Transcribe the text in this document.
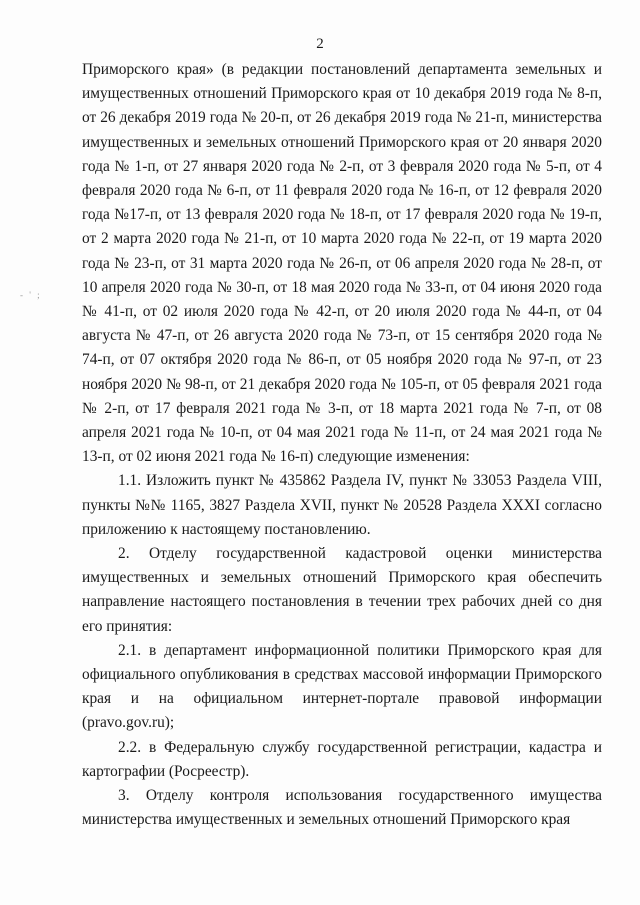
2
‐ ' ;

Приморского края» (в редакции постановлений департамента земельных и имущественных отношений Приморского края от 10 декабря 2019 года № 8-п, от 26 декабря 2019 года № 20-п, от 26 декабря 2019 года № 21-п, министерства имущественных и земельных отношений Приморского края от 20 января 2020 года № 1-п, от 27 января 2020 года № 2-п, от 3 февраля 2020 года № 5-п, от 4 февраля 2020 года № 6-п, от 11 февраля 2020 года № 16-п, от 12 февраля 2020 года №17-п, от 13 февраля 2020 года № 18-п, от 17 февраля 2020 года № 19-п, от 2 марта 2020 года № 21-п, от 10 марта 2020 года № 22-п, от 19 марта 2020 года № 23-п, от 31 марта 2020 года № 26-п, от 06 апреля 2020 года № 28-п, от 10 апреля 2020 года № 30-п, от 18 мая 2020 года № 33-п, от 04 июня 2020 года № 41-п, от 02 июля 2020 года № 42-п, от 20 июля 2020 года № 44-п, от 04 августа № 47-п, от 26 августа 2020 года № 73-п, от 15 сентября 2020 года № 74-п, от 07 октября 2020 года № 86-п, от 05 ноября 2020 года № 97-п, от 23 ноября 2020 № 98-п, от 21 декабря 2020 года № 105-п, от 05 февраля 2021 года № 2-п, от 17 февраля 2021 года № 3-п, от 18 марта 2021 года № 7-п, от 08 апреля 2021 года № 10-п, от 04 мая 2021 года № 11-п, от 24 мая 2021 года № 13-п, от 02 июня 2021 года № 16-п) следующие изменения:

1.1. Изложить пункт № 435862 Раздела IV, пункт № 33053 Раздела VIII, пункты №№ 1165, 3827 Раздела XVII, пункт № 20528 Раздела XXXI согласно приложению к настоящему постановлению.

2. Отделу государственной кадастровой оценки министерства имущественных и земельных отношений Приморского края обеспечить направление настоящего постановления в течении трех рабочих дней со дня его принятия:

2.1. в департамент информационной политики Приморского края для официального опубликования в средствах массовой информации Приморского края и на официальном интернет-портале правовой информации (pravo.gov.ru);

2.2. в Федеральную службу государственной регистрации, кадастра и картографии (Росреестр).

3. Отделу контроля использования государственного имущества министерства имущественных и земельных отношений Приморского края
